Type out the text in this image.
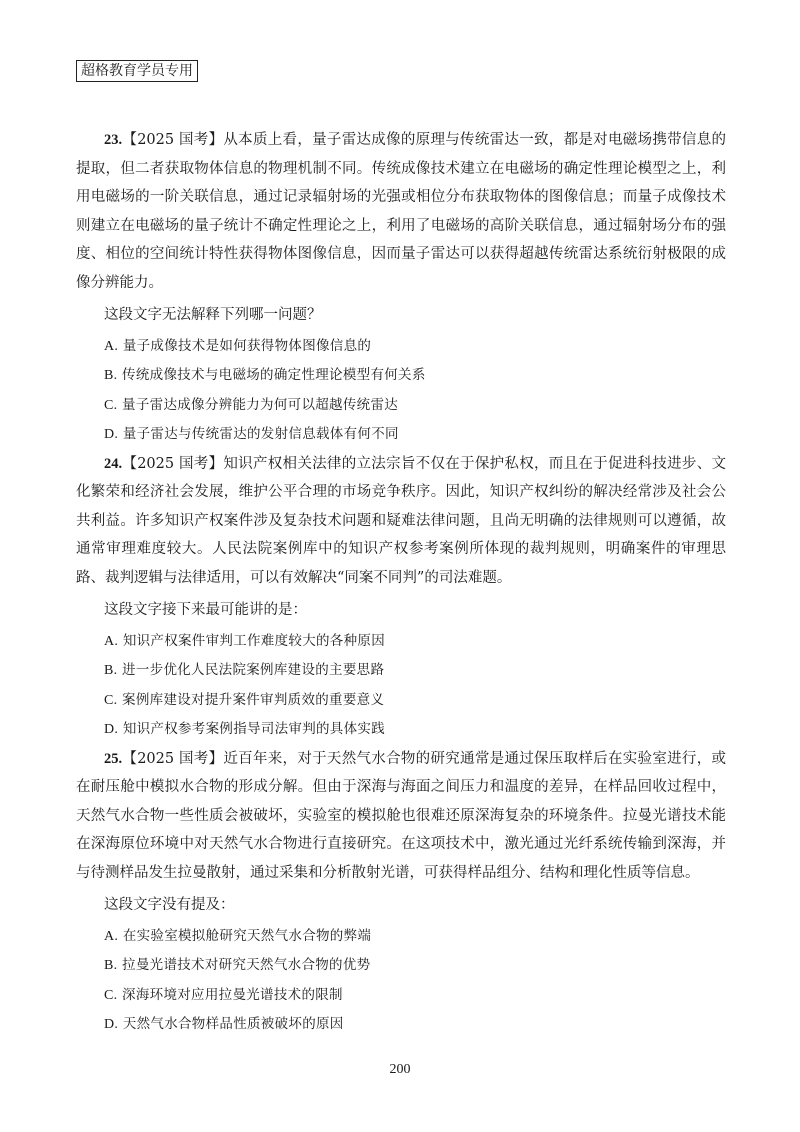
超格教育学员专用

23.【2025 国考】从本质上看，量子雷达成像的原理与传统雷达一致，都是对电磁场携带信息的提取，但二者获取物体信息的物理机制不同。传统成像技术建立在电磁场的确定性理论模型之上，利用电磁场的一阶关联信息，通过记录辐射场的光强或相位分布获取物体的图像信息；而量子成像技术则建立在电磁场的量子统计不确定性理论之上，利用了电磁场的高阶关联信息，通过辐射场分布的强度、相位的空间统计特性获得物体图像信息，因而量子雷达可以获得超越传统雷达系统衍射极限的成像分辨能力。

这段文字无法解释下列哪一问题？

A. 量子成像技术是如何获得物体图像信息的
B. 传统成像技术与电磁场的确定性理论模型有何关系
C. 量子雷达成像分辨能力为何可以超越传统雷达
D. 量子雷达与传统雷达的发射信息载体有何不同

24.【2025 国考】知识产权相关法律的立法宗旨不仅在于保护私权，而且在于促进科技进步、文化繁荣和经济社会发展，维护公平合理的市场竞争秩序。因此，知识产权纠纷的解决经常涉及社会公共利益。许多知识产权案件涉及复杂技术问题和疑难法律问题，且尚无明确的法律规则可以遵循，故通常审理难度较大。人民法院案例库中的知识产权参考案例所体现的裁判规则，明确案件的审理思路、裁判逻辑与法律适用，可以有效解决“同案不同判”的司法难题。

这段文字接下来最可能讲的是：

A. 知识产权案件审判工作难度较大的各种原因
B. 进一步优化人民法院案例库建设的主要思路
C. 案例库建设对提升案件审判质效的重要意义
D. 知识产权参考案例指导司法审判的具体实践

25.【2025 国考】近百年来，对于天然气水合物的研究通常是通过保压取样后在实验室进行，或在耐压舱中模拟水合物的形成分解。但由于深海与海面之间压力和温度的差异，在样品回收过程中，天然气水合物一些性质会被破坏，实验室的模拟舱也很难还原深海复杂的环境条件。拉曼光谱技术能在深海原位环境中对天然气水合物进行直接研究。在这项技术中，激光通过光纤系统传输到深海，并与待测样品发生拉曼散射，通过采集和分析散射光谱，可获得样品组分、结构和理化性质等信息。

这段文字没有提及：

A. 在实验室模拟舱研究天然气水合物的弊端
B. 拉曼光谱技术对研究天然气水合物的优势
C. 深海环境对应用拉曼光谱技术的限制
D. 天然气水合物样品性质被破坏的原因
200
